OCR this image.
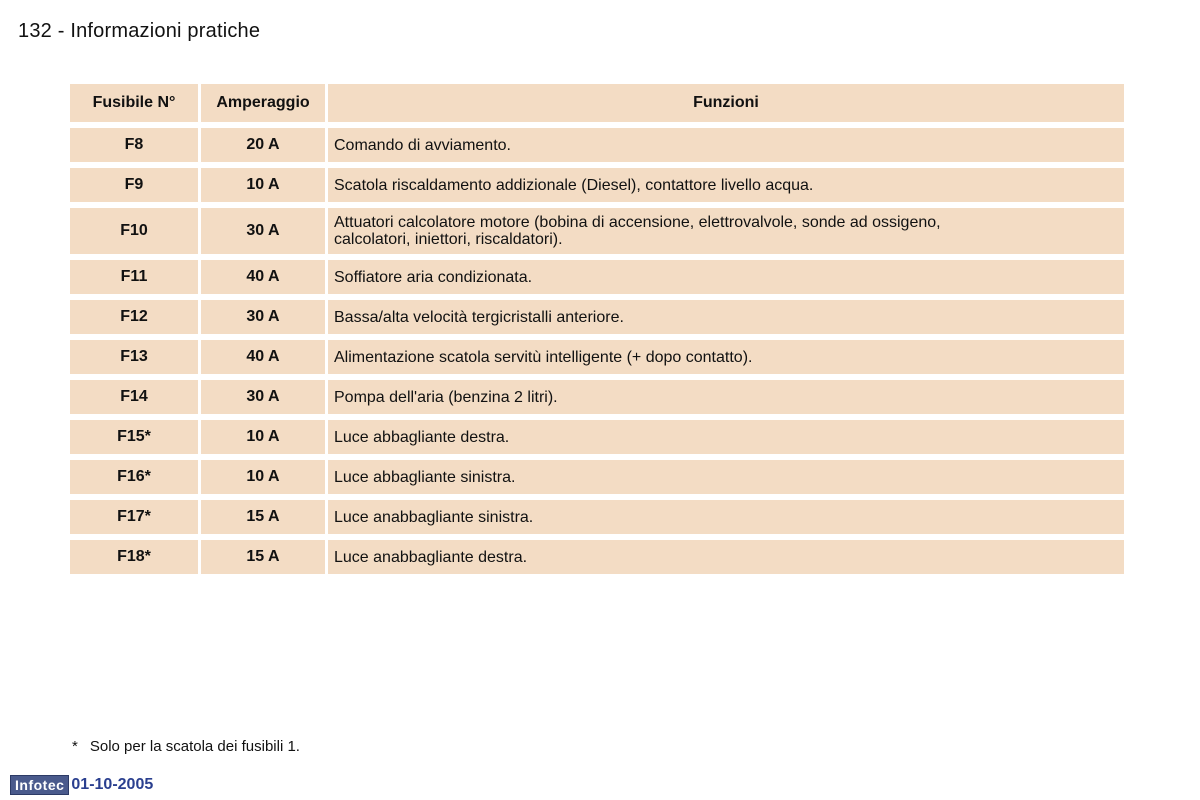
132 - Informazioni pratiche
Fusibile N°	Amperaggio	Funzioni
F8	20 A	Comando di avviamento.
F9	10 A	Scatola riscaldamento addizionale (Diesel), contattore livello acqua.
F10	30 A	Attuatori calcolatore motore (bobina di accensione, elettrovalvole, sonde ad ossigeno,
calcolatori, iniettori, riscaldatori).

F11	40 A	Soffiatore aria condizionata.
F12	30 A	Bassa/alta velocità tergicristalli anteriore.
F13	40 A	Alimentazione scatola servitù intelligente (+ dopo contatto).
F14	30 A	Pompa dell'aria (benzina 2 litri).
F15*	10 A	Luce abbagliante destra.
F16*	10 A	Luce abbagliante sinistra.
F17*	15 A	Luce anabbagliante sinistra.
F18*	15 A	Luce anabbagliante destra.
* Solo per la scatola dei fusibili 1.
Infotec 01-10-2005
